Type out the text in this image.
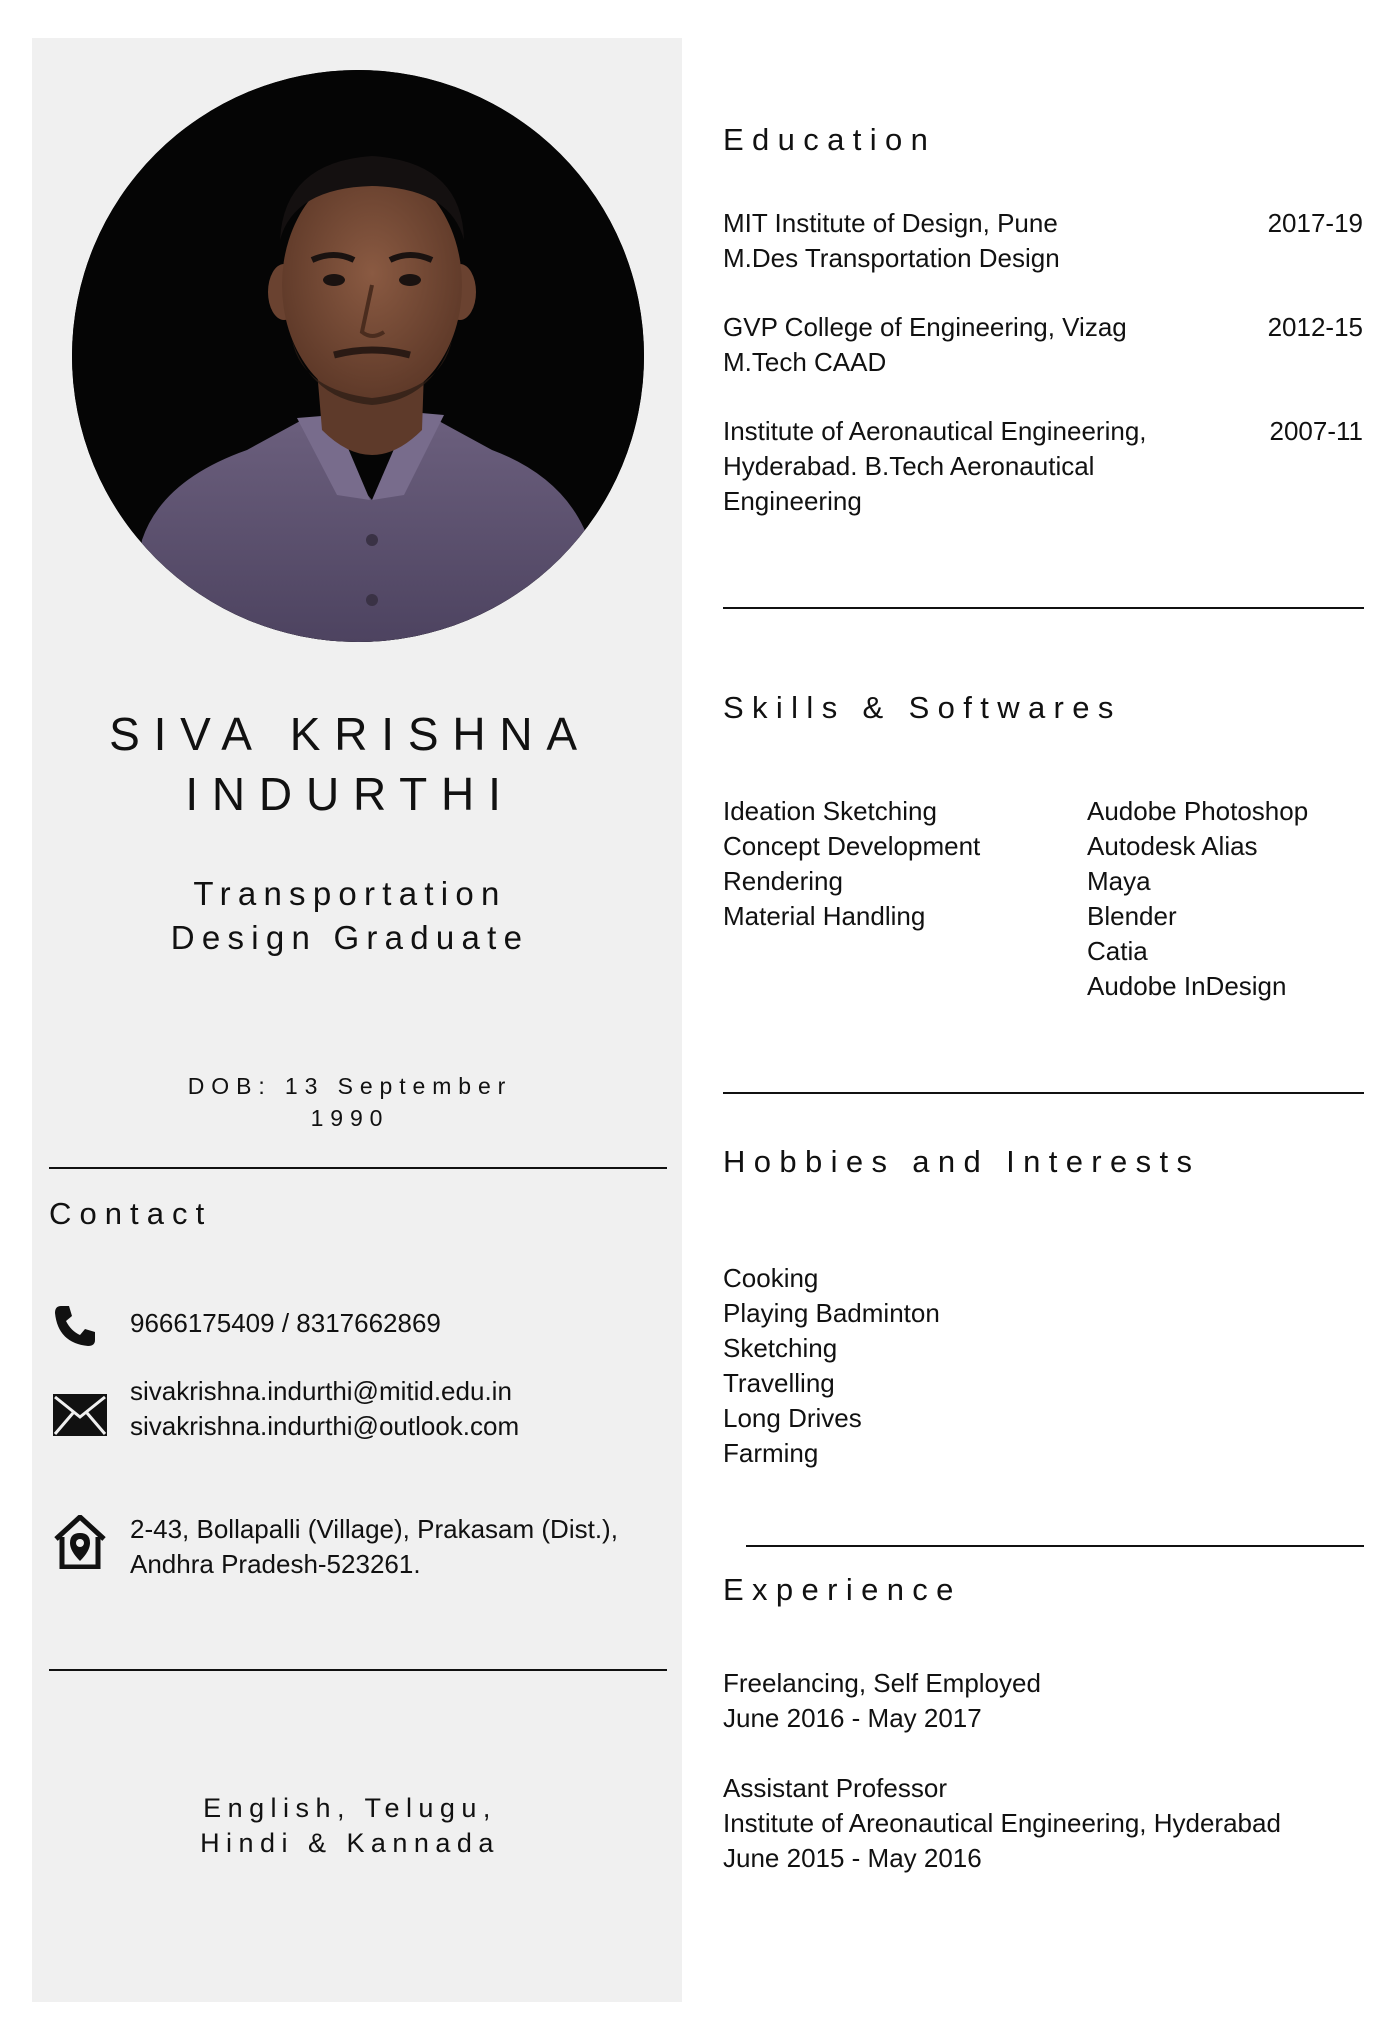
SIVA KRISHNA
INDURTHI
Transportation
Design Graduate
DOB: 13 September
1990
Contact
9666175409 / 8317662869
sivakrishna.indurthi@mitid.edu.in
sivakrishna.indurthi@outlook.com
2-43, Bollapalli (Village), Prakasam (Dist.),
Andhra Pradesh-523261.
English, Telugu,
Hindi & Kannada
Education
MIT Institute of Design, Pune
M.Des Transportation Design
2017-19
GVP College of Engineering, Vizag
M.Tech CAAD
2012-15
Institute of Aeronautical Engineering,
Hyderabad. B.Tech Aeronautical
Engineering
2007-11
Skills & Softwares
Ideation Sketching
Concept Development
Rendering
Material Handling
Audobe Photoshop
Autodesk Alias
Maya
Blender
Catia
Audobe InDesign
Hobbies and Interests
Cooking
Playing Badminton
Sketching
Travelling
Long Drives
Farming
Experience
Freelancing, Self Employed
June 2016 - May 2017
Assistant Professor
Institute of Areonautical Engineering, Hyderabad
June 2015 - May 2016
